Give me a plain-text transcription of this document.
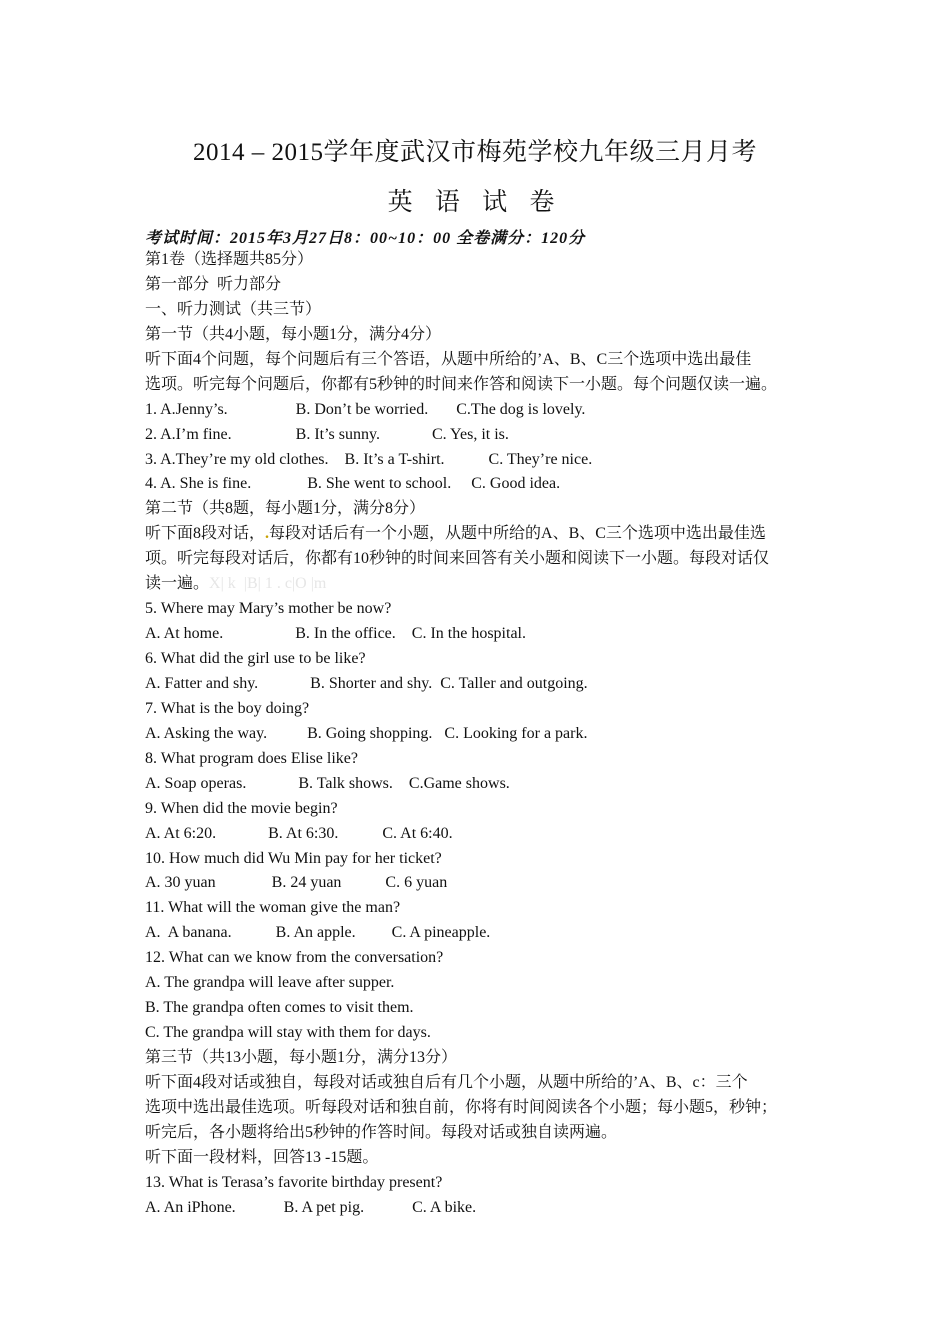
2014 – 2015学年度武汉市梅苑学校九年级三月月考
英 语 试 卷
考试时间：2015年3月27日8：00~10：00 全卷满分：120分
第1卷（选择题共85分）
第一部分  听力部分
一、听力测试（共三节）
第一节（共4小题，每小题1分，满分4分）
听下面4个问题，每个问题后有三个答语，从题中所给的’A、B、C三个选项中选出最佳
选项。听完每个问题后，你都有5秒钟的时间来作答和阅读下一小题。每个问题仅读一遍。
1. A.Jenny’s.                 B. Don’t be worried.       C.The dog is lovely.
2. A.I’m fine.                B. It’s sunny.             C. Yes, it is.
3. A.They’re my old clothes.    B. It’s a T-shirt.           C. They’re nice.
4. A. She is fine.              B. She went to school.     C. Good idea.
第二节（共8题，每小题1分，满分8分）
听下面8段对话，.每段对话后有一个小题，从题中所给的A、B、C三个选项中选出最佳选
项。听完每段对话后，你都有10秒钟的时间来回答有关小题和阅读下一小题。每段对话仅
读一遍。X| k  |B| 1 . c|O |m
5. Where may Mary’s mother be now?
A. At home.                  B. In the office.    C. In the hospital.
6. What did the girl use to be like?
A. Fatter and shy.             B. Shorter and shy.  C. Taller and outgoing.
7. What is the boy doing?
A. Asking the way.          B. Going shopping.   C. Looking for a park.
8. What program does Elise like?
A. Soap operas.             B. Talk shows.    C.Game shows.
9. When did the movie begin?
A. At 6:20.             B. At 6:30.           C. At 6:40.
10. How much did Wu Min pay for her ticket?
A. 30 yuan              B. 24 yuan           C. 6 yuan
11. What will the woman give the man?
A.  A banana.           B. An apple.         C. A pineapple.
12. What can we know from the conversation?
A. The grandpa will leave after supper.
B. The grandpa often comes to visit them.
C. The grandpa will stay with them for days.
第三节（共13小题，每小题1分，满分13分）
听下面4段对话或独自，每段对话或独自后有几个小题，从题中所给的’A、B、c：三个
选项中选出最佳选项。听每段对话和独自前，你将有时间阅读各个小题；每小题5，秒钟；
听完后，各小题将给出5秒钟的作答时间。每段对话或独自读两遍。
听下面一段材料，回答13 -15题。
13. What is Terasa’s favorite birthday present?
A. An iPhone.            B. A pet pig.            C. A bike.
